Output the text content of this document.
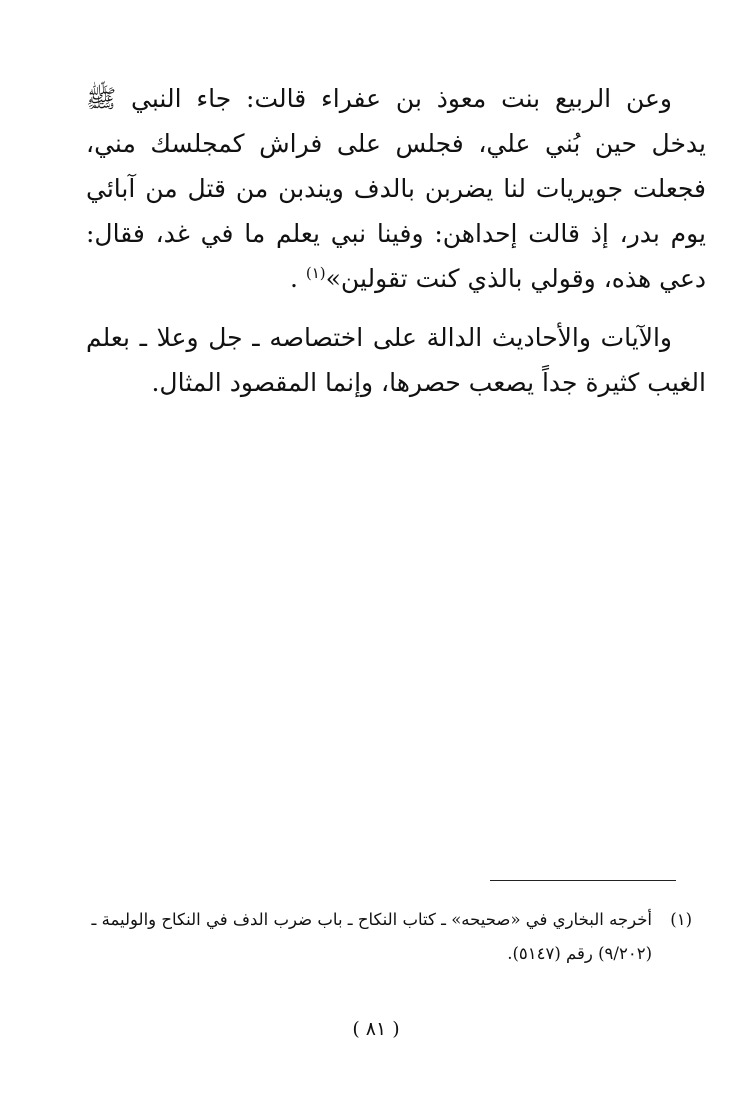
وعن الربيع بنت معوذ بن عفراء قالت: جاء النبي ﷺ يدخل حين بُني علي، فجلس على فراش كمجلسك مني، فجعلت جويريات لنا يضربن بالدف ويندبن من قتل من آبائي يوم بدر، إذ قالت إحداهن: وفينا نبي يعلم ما في غد، فقال: دعي هذه، وقولي بالذي كنت تقولين»$^{(١)}$ .

والآيات والأحاديث الدالة على اختصاصه ـ جل وعلا ـ بعلم الغيب كثيرة جداً يصعب حصرها، وإنما المقصود المثال.

(١)أخرجه البخاري في «صحيحه» ـ كتاب النكاح ـ باب ضرب الدف في النكاح والوليمة ـ
(٩/٢٠٢) رقم (٥١٤٧).
( ٨١ )
